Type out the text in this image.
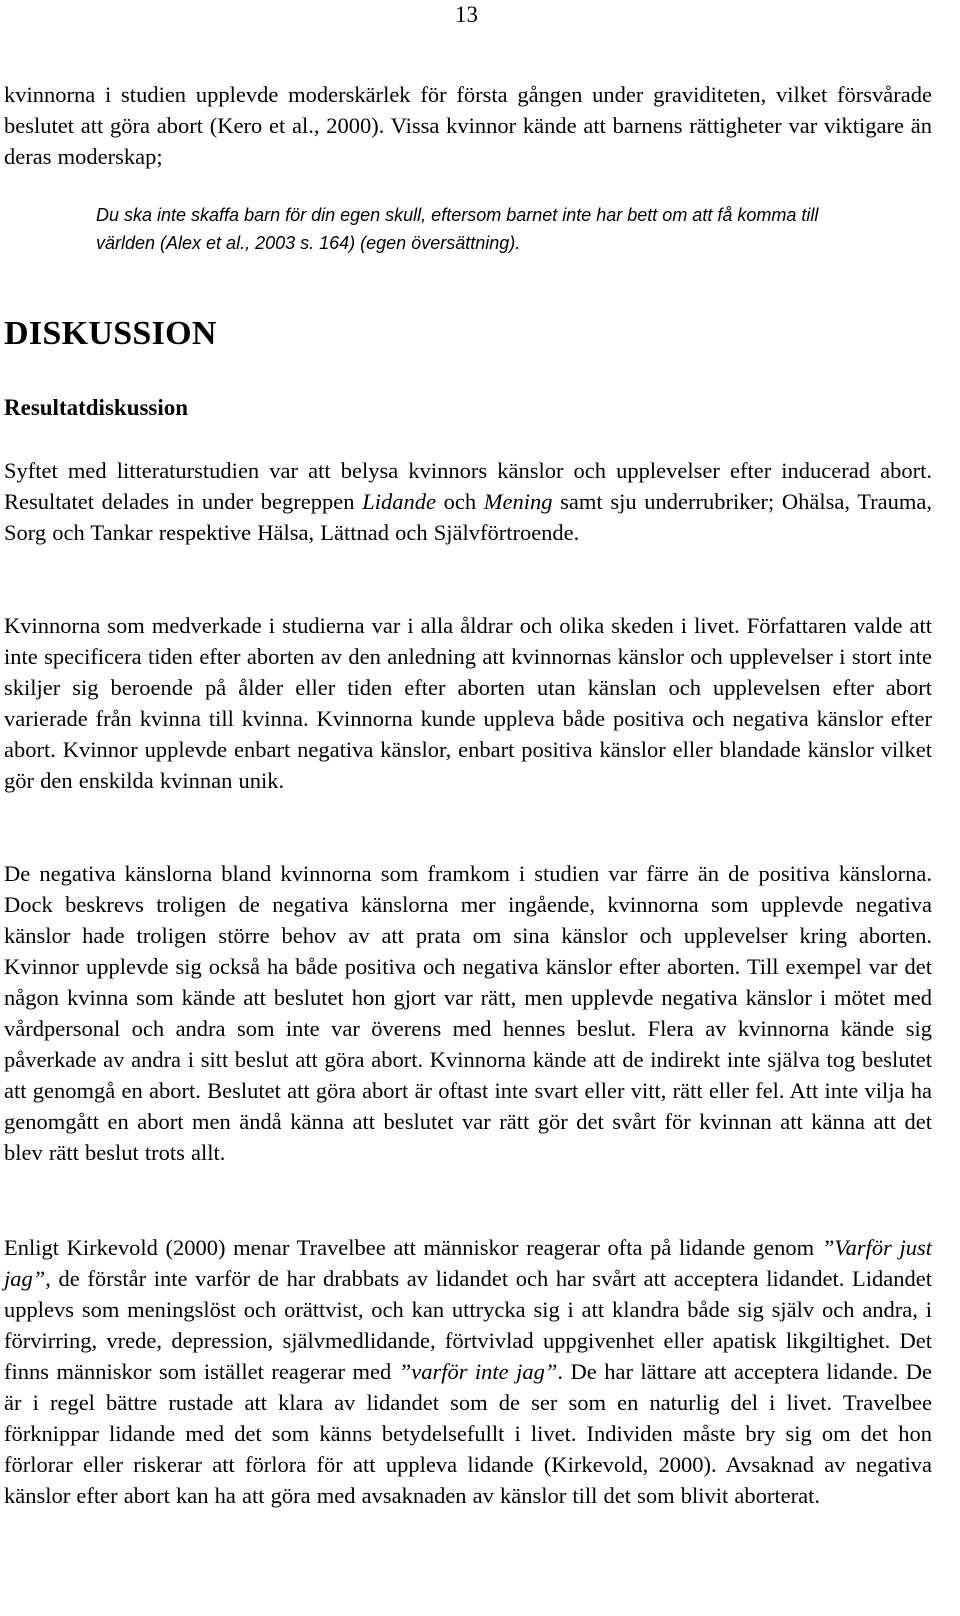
13

kvinnorna i studien upplevde moderskärlek för första gången under graviditeten, vilket försvårade beslutet att göra abort (Kero et al., 2000). Vissa kvinnor kände att barnens rättigheter var viktigare än deras moderskap;

Du ska inte skaffa barn för din egen skull, eftersom barnet inte har bett om att få komma till världen (Alex et al., 2003 s. 164) (egen översättning).

DISKUSSION
Resultatdiskussion

Syftet med litteraturstudien var att belysa kvinnors känslor och upplevelser efter inducerad abort. Resultatet delades in under begreppen Lidande och Mening samt sju underrubriker; Ohälsa, Trauma, Sorg och Tankar respektive Hälsa, Lättnad och Självförtroende.

Kvinnorna som medverkade i studierna var i alla åldrar och olika skeden i livet. Författaren valde att inte specificera tiden efter aborten av den anledning att kvinnornas känslor och upplevelser i stort inte skiljer sig beroende på ålder eller tiden efter aborten utan känslan och upplevelsen efter abort varierade från kvinna till kvinna. Kvinnorna kunde uppleva både positiva och negativa känslor efter abort. Kvinnor upplevde enbart negativa känslor, enbart positiva känslor eller blandade känslor vilket gör den enskilda kvinnan unik.

De negativa känslorna bland kvinnorna som framkom i studien var färre än de positiva känslorna. Dock beskrevs troligen de negativa känslorna mer ingående, kvinnorna som upplevde negativa känslor hade troligen större behov av att prata om sina känslor och upplevelser kring aborten. Kvinnor upplevde sig också ha både positiva och negativa känslor efter aborten. Till exempel var det någon kvinna som kände att beslutet hon gjort var rätt, men upplevde negativa känslor i mötet med vårdpersonal och andra som inte var överens med hennes beslut. Flera av kvinnorna kände sig påverkade av andra i sitt beslut att göra abort. Kvinnorna kände att de indirekt inte själva tog beslutet att genomgå en abort. Beslutet att göra abort är oftast inte svart eller vitt, rätt eller fel. Att inte vilja ha genomgått en abort men ändå känna att beslutet var rätt gör det svårt för kvinnan att känna att det blev rätt beslut trots allt.

Enligt Kirkevold (2000) menar Travelbee att människor reagerar ofta på lidande genom ”Varför just jag”, de förstår inte varför de har drabbats av lidandet och har svårt att acceptera lidandet. Lidandet upplevs som meningslöst och orättvist, och kan uttrycka sig i att klandra både sig själv och andra, i förvirring, vrede, depression, självmedlidande, förtvivlad uppgivenhet eller apatisk likgiltighet. Det finns människor som istället reagerar med ”varför inte jag”. De har lättare att acceptera lidande. De är i regel bättre rustade att klara av lidandet som de ser som en naturlig del i livet. Travelbee förknippar lidande med det som känns betydelsefullt i livet. Individen måste bry sig om det hon förlorar eller riskerar att förlora för att uppleva lidande (Kirkevold, 2000). Avsaknad av negativa känslor efter abort kan ha att göra med avsaknaden av känslor till det som blivit aborterat.
